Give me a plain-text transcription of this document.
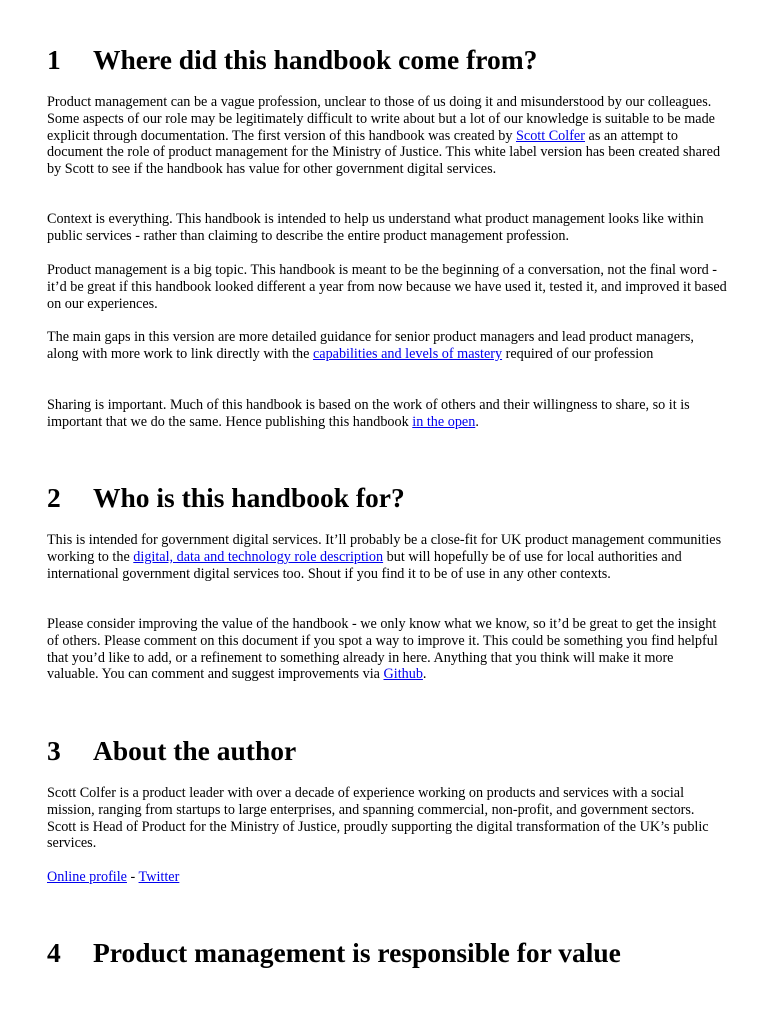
1 Where did this handbook come from?

Product management can be a vague profession, unclear to those of us doing it and misunderstood by our colleagues. Some aspects of our role may be legitimately difficult to write about but a lot of our knowledge is suitable to be made explicit through documentation. The first version of this handbook was created by Scott Colfer as an attempt to document the role of product management for the Ministry of Justice. This white label version has been created shared by Scott to see if the handbook has value for other government digital services.

Context is everything. This handbook is intended to help us understand what product management looks like within public services - rather than claiming to describe the entire product management profession.

Product management is a big topic. This handbook is meant to be the beginning of a conversation, not the final word - it’d be great if this handbook looked different a year from now because we have used it, tested it, and improved it based on our experiences.

The main gaps in this version are more detailed guidance for senior product managers and lead product managers, along with more work to link directly with the capabilities and levels of mastery required of our profession

Sharing is important. Much of this handbook is based on the work of others and their willingness to share, so it is important that we do the same. Hence publishing this handbook in the open.

2 Who is this handbook for?

This is intended for government digital services. It’ll probably be a close-fit for UK product management communities working to the digital, data and technology role description but will hopefully be of use for local authorities and international government digital services too. Shout if you find it to be of use in any other contexts.

Please consider improving the value of the handbook - we only know what we know, so it’d be great to get the insight of others. Please comment on this document if you spot a way to improve it. This could be something you find helpful that you’d like to add, or a refinement to something already in here. Anything that you think will make it more valuable. You can comment and suggest improvements via Github.

3 About the author

Scott Colfer is a product leader with over a decade of experience working on products and services with a social mission, ranging from startups to large enterprises, and spanning commercial, non-profit, and government sectors. Scott is Head of Product for the Ministry of Justice, proudly supporting the digital transformation of the UK’s public services.

Online profile - Twitter

4 Product management is responsible for value
